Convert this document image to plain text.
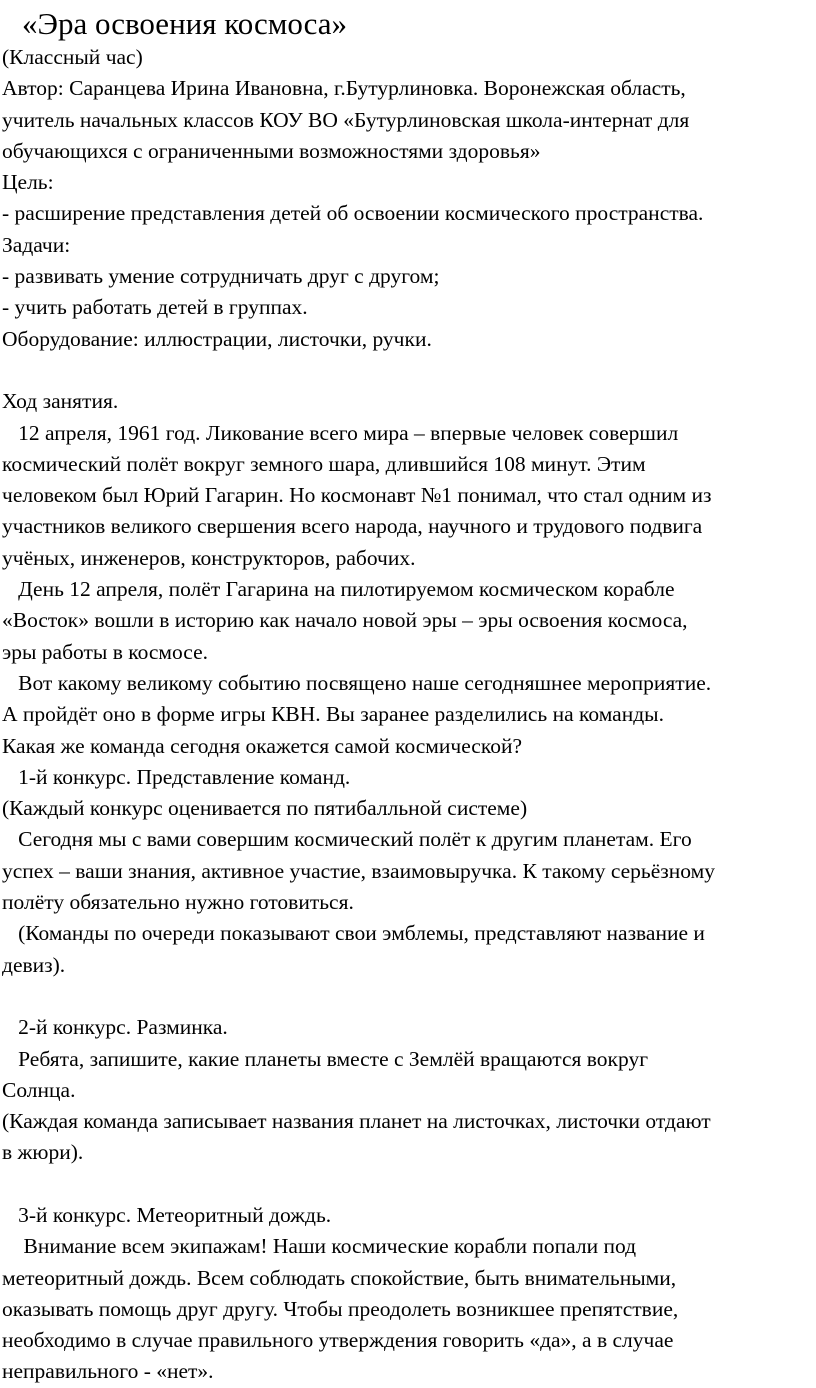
«Эра освоения космоса»

(Классный час)

Автор: Саранцева Ирина Ивановна, г.Бутурлиновка. Воронежская область,

учитель начальных классов КОУ ВО «Бутурлиновская школа-интернат для

обучающихся с ограниченными возможностями здоровья»

Цель:

- расширение представления детей об освоении космического пространства.

Задачи:

- развивать умение сотрудничать друг с другом;

- учить работать детей в группах.

Оборудование: иллюстрации, листочки, ручки.

Ход занятия.

12 апреля, 1961 год. Ликование всего мира – впервые человек совершил

космический полёт вокруг земного шара, длившийся 108 минут. Этим

человеком был Юрий Гагарин. Но космонавт №1 понимал, что стал одним из

участников великого свершения всего народа, научного и трудового подвига

учёных, инженеров, конструкторов, рабочих.

День 12 апреля, полёт Гагарина на пилотируемом космическом корабле

«Восток» вошли в историю как начало новой эры – эры освоения космоса,

эры работы в космосе.

Вот какому великому событию посвящено наше сегодняшнее мероприятие.

А пройдёт оно в форме игры КВН. Вы заранее разделились на команды.

Какая же команда сегодня окажется самой космической?

1-й конкурс. Представление команд.

(Каждый конкурс оценивается по пятибалльной системе)

Сегодня мы с вами совершим космический полёт к другим планетам. Его

успех – ваши знания, активное участие, взаимовыручка. К такому серьёзному

полёту обязательно нужно готовиться.

(Команды по очереди показывают свои эмблемы, представляют название и

девиз).

2-й конкурс. Разминка.

Ребята, запишите, какие планеты вместе с Землёй вращаются вокруг

Солнца.

(Каждая команда записывает названия планет на листочках, листочки отдают

в жюри).

3-й конкурс. Метеоритный дождь.

Внимание всем экипажам! Наши космические корабли попали под

метеоритный дождь. Всем соблюдать спокойствие, быть внимательными,

оказывать помощь друг другу. Чтобы преодолеть возникшее препятствие,

необходимо в случае правильного утверждения говорить «да», а в случае

неправильного - «нет».
